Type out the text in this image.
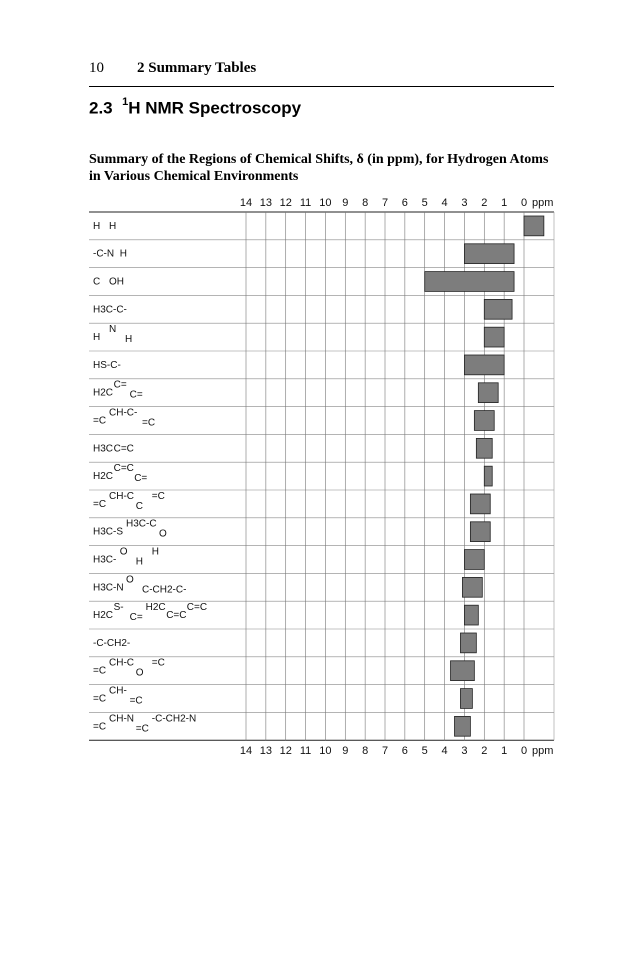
10 2 Summary Tables
2.3 $^1$H NMR Spectroscopy
Summary of the Regions of Chemical Shifts, δ (in ppm), for Hydrogen Atoms
in Various Chemical Environments
H H
-C-N H
C OH
H3C-C-
H
N
H
HS-C-
H2C
C=
C=
=C
CH-C-
=C
H3C C=C
H2C
C=C
C=
=C
CH-C
C
=C
H3C-S
H3C-C
O
H3C-
O
H
H
H3C-N
O
C-CH2-C-
H2C
S-
C=
H2C
C=C
C=C
-C-CH2-
=C
CH-C
O
=C
=C
CH-
=C
=C
CH-N
=C
-C-CH2-N
14 13 12 11 10 9 8 7 6 5 4 3 2 1 0 ppm
14 13 12 11 10 9 8 7 6 5 4 3 2 1 0 ppm
